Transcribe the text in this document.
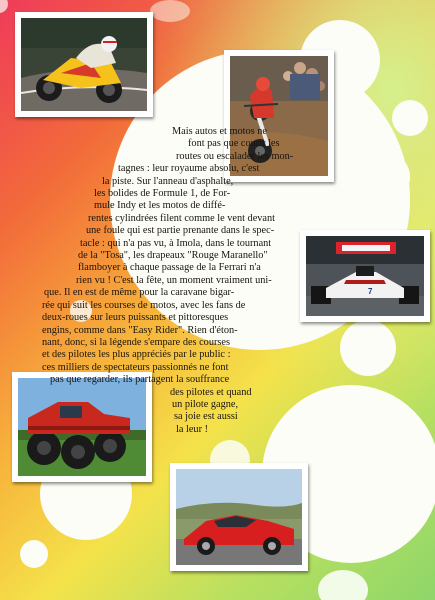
7

Mais autos et motos ne

font pas que courir les

routes ou escalader les mon-

tagnes : leur royaume absolu, c'est

la piste. Sur l'anneau d'asphalte,

les bolides de Formule 1, de For-

mule Indy et les motos de diffé-

rentes cylindrées filent comme le vent devant

une foule qui est partie prenante dans le spec-

tacle : qui n'a pas vu, à Imola, dans le tournant

de la "Tosa", les drapeaux "Rouge Maranello"

flamboyer à chaque passage de la Ferrari n'a

rien vu ! C'est la fête, un moment vraiment uni-

que. Il en est de même pour la caravane bigar-

rée qui suit les courses de motos, avec les fans de

deux-roues sur leurs puissants et pittoresques

engins, comme dans "Easy Rider". Rien d'éton-

nant, donc, si la légende s'empare des courses

et des pilotes les plus appréciés par le public :

ces milliers de spectateurs passionnés ne font

pas que regarder, ils partagent la souffrance

des pilotes et quand

un pilote gagne,

sa joie est aussi

la leur !
